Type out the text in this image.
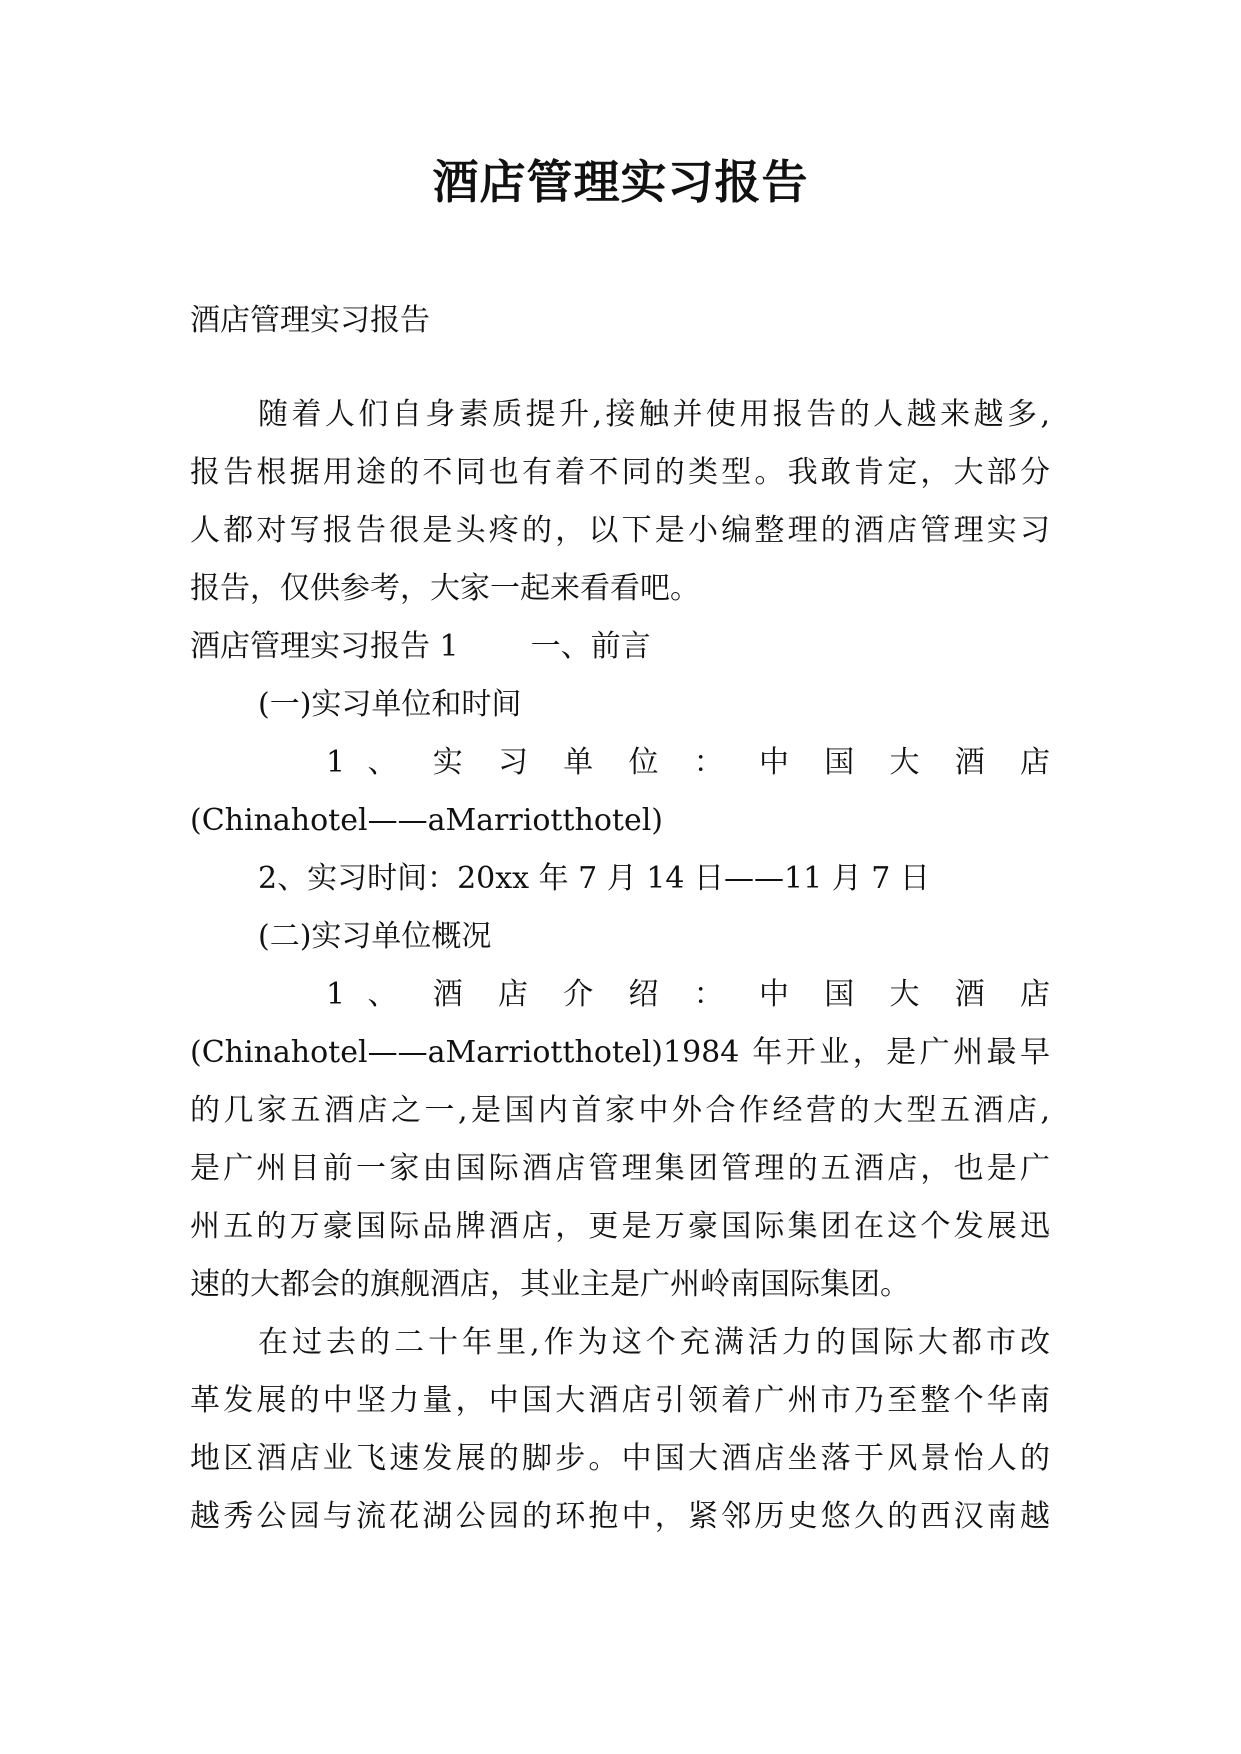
酒店管理实习报告
酒店管理实习报告
随着人们自身素质提升,接触并使用报告的人越来越多,
报告根据用途的不同也有着不同的类型。我敢肯定，大部分
人都对写报告很是头疼的，以下是小编整理的酒店管理实习
报告，仅供参考，大家一起来看看吧。
酒店管理实习报告 1 一、前言
(一)实习单位和时间
1 、 实 习 单 位 ： 中 国 大 酒 店
(Chinahotel——aMarriotthotel)
2、实习时间：20xx 年 7 月 14 日——11 月 7 日
(二)实习单位概况
1 、 酒 店 介 绍 ： 中 国 大 酒 店
(Chinahotel——aMarriotthotel)1984 年开业，是广州最早
的几家五酒店之一,是国内首家中外合作经营的大型五酒店,
是广州目前一家由国际酒店管理集团管理的五酒店，也是广
州五的万豪国际品牌酒店，更是万豪国际集团在这个发展迅
速的大都会的旗舰酒店，其业主是广州岭南国际集团。
在过去的二十年里,作为这个充满活力的国际大都市改
革发展的中坚力量，中国大酒店引领着广州市乃至整个华南
地区酒店业飞速发展的脚步。中国大酒店坐落于风景怡人的
越秀公园与流花湖公园的环抱中，紧邻历史悠久的西汉南越
